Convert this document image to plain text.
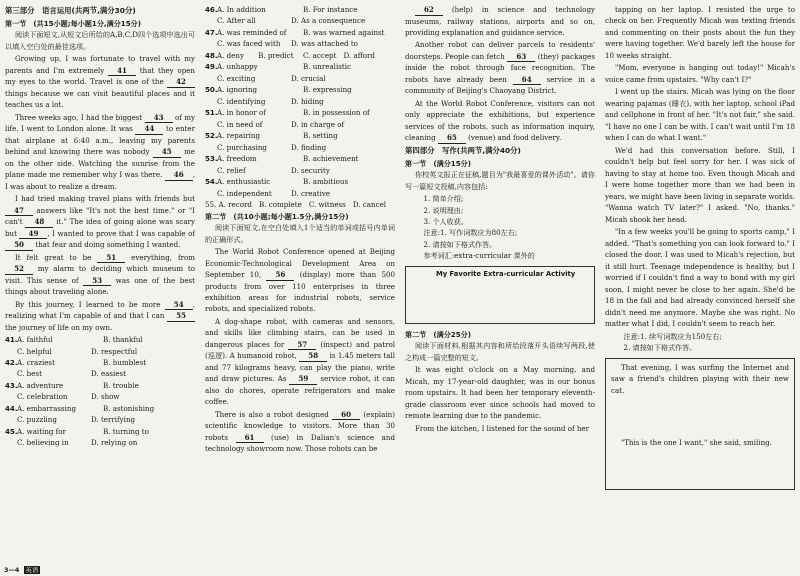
第三部分　语言运用(共两节,满分30分)
第一节　(共15小题;每小题1分,满分15分)

阅读下面短文,从短文后所给的A,B,C,D四个选项中选出可以填入空白处的最佳选项。

Growing up, I was fortunate to travel with my parents and I'm extremely 41 that they open my eyes to the world. Travel is one of the 42 things because we can visit beautiful places and it teaches us a lot.

Three weeks ago, I had the biggest 43 of my life. I went to London alone. It was 44 to enter that airplane at 6:40 a.m., leaving my parents behind and knowing there was nobody 45 me on the other side. Watching the sunrise from the plane made me remember why I was there. 46 , I was about to realize a dream.

I had tried making travel plans with friends but 47 answers like "It's not the best time." or "I can't 48 it." The idea of going alone was scary but 49 , I wanted to prove that I was capable of 50 that fear and doing something I wanted.

It felt great to be 51 everything, from 52 my alarm to deciding which museum to visit. This sense of 53 was one of the best things about traveling alone.

By this journey, I learned to be more 54 , realizing what I'm capable of and that I can 55 the journey of life on my own.

41. A. faithful	B. thankful
C. helpful	D. respectful
42. A. craziest	B. humblest
C. best	D. easiest
43. A. adventure	B. trouble
C. celebration	D. show
44. A. embarrassing	B. astonishing
C. puzzling	D. terrifying
45. A. waiting for	B. turning to
C. believing in	D. relying on
3—4 英语
46. A. In addition	B. For instance
C. After all	D. As a consequence
47. A. was reminded of	B. was warned against
C. was faced with	D. was attached to
48. A. deny　　B. predict	C. accept　D. afford
49. A. unhappy	B. unrealistic
C. exciting	D. crucial
50. A. ignoring	B. expressing
C. identifying	D. hiding
51. A. in honor of	B. in possession of
C. in need of	D. in charge of
52. A. repairing	B. setting
C. purchasing	D. finding
53. A. freedom	B. achievement
C. relief	D. security
54. A. enthusiastic	B. ambitious
C. independent	D. creative
55. A. record　B. complete　C. witness　D. cancel
第二节　(共10小题;每小题1.5分,满分15分)

阅读下面短文,在空白处填入1个适当的单词或括号内单词的正确形式。

The World Robot Conference opened at Beijing Economic-Technological Development Area on September 10, 56 (display) more than 500 products from over 110 enterprises in three exhibition areas for industrial robots, service robots, and specialized robots.

A dog-shape robot, with cameras and sensors, and skills like climbing stairs, can be used in dangerous places for 57 (inspect) and patrol (巡逻). A humanoid robot, 58 is 1.45 meters tall and 77 kilograms heavy, can play the piano, write and draw pictures. As 59 service robot, it can also do chores, operate refrigerators and make coffee.

There is also a robot designed 60 (explain) scientific knowledge to visitors. More than 30 robots 61 (use) in Dalian's science and technology showroom now. Those robots can be

62 (help) in science and technology museums, railway stations, airports and so on, providing explanation and guidance service.

Another robot can deliver parcels to residents' doorsteps. People can fetch 63 (they) packages inside the robot through face recognition. The robots have already been 64 service in a community of Beijing's Chaoyang District.

At the World Robot Conference, visitors can not only appreciate the exhibitions, but experience services of the robots, such as information inquiry, cleaning 65 (venue) and food delivery.

第四部分　写作(共两节,满分40分)
第一节　(满分15分)

你校英文报正在征稿,题目为"我最喜爱的课外活动"。请你写一篇短文投稿,内容包括:

1. 简单介绍;
2. 说明理由;
3. 个人收获。
注意:1. 写作词数应为80左右;
2. 请按如下格式作答。
参考词汇:extra-curricular 课外的
My Favorite Extra-curricular Activity
第二节　(满分25分)

阅读下面材料,根据其内容和所给段落开头语续写两段,使之构成一篇完整的短文。

It was eight o'clock on a May morning, and Micah, my 17-year-old daughter, was in our bonus room upstairs. It had been her temporary eleventh-grade classroom ever since schools had moved to remote learning due to the pandemic.

From the kitchen, I listened for the sound of her

tapping on her laptop. I resisted the urge to check on her. Frequently Micah was texting friends and commenting on their posts about the fun they were having together. We'd barely left the house for 10 weeks straight.

"Mom, everyone is hanging out today!" Micah's voice came from upstairs. "Why can't I?"

I went up the stairs. Micah was lying on the floor wearing pajamas (睡衣), with her laptop, school iPad and cellphone in front of her. "It's not fair," she said. "I have no one I can be with. I can't wait until I'm 18 when I can do what I want."

We'd had this conversation before. Still, I couldn't help but feel sorry for her. I was sick of having to stay at home too. Even though Micah and I were home together more than we had been in years, we might have been living in separate worlds. "Wanna watch TV later?" I asked. "No, thanks." Micah shook her head.

"In a few weeks you'll be going to sports camp," I added. "That's something you can look forward to." I closed the door. I was used to Micah's rejection, but it still hurt. Teenage independence is healthy, but I worried if I couldn't find a way to bond with my girl soon, I might never be close to her again. She'd be 18 in the fall and had already convinced herself she didn't need me anymore. Maybe she was right. No matter what I did, I couldn't seem to reach her.

注意:1. 续写词数应为150左右;
2. 请按如下格式作答。

That evening, I was surfing the Internet and saw a friend's children playing with their new cat.

"This is the one I want," she said, smiling.
